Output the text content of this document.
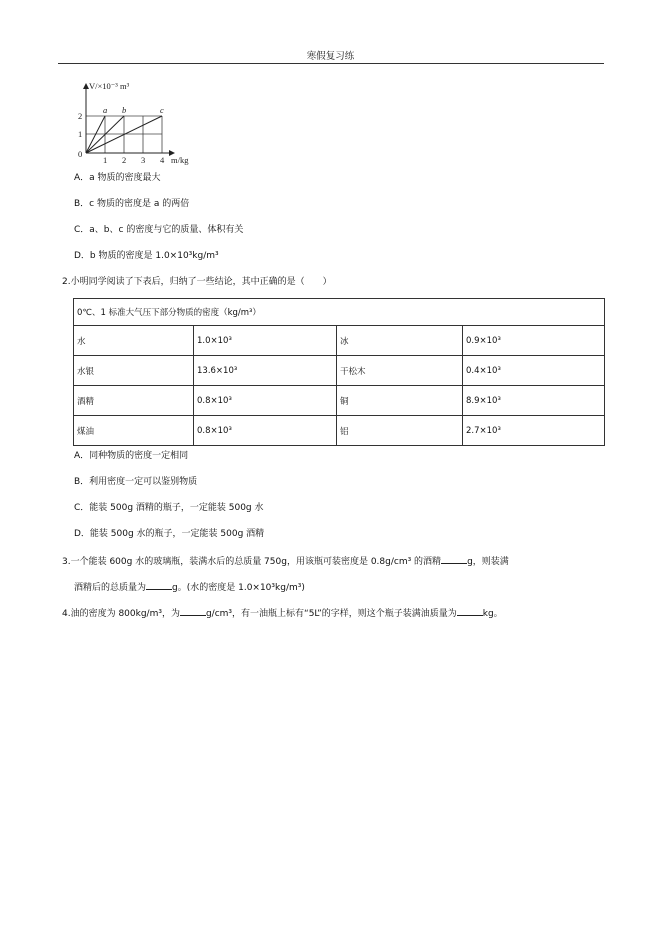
寒假复习练
V/×10⁻³ m³
m/kg
0
1
2
1 2 3 4
a b	c
A．a 物质的密度最大
B．c 物质的密度是 a 的两倍
C．a、b、c 的密度与它的质量、体积有关
D．b 物质的密度是 1.0×10³kg/m³
2.小明同学阅读了下表后，归纳了一些结论，其中正确的是（　　）
0℃、1 标准大气压下部分物质的密度（kg/m³）			
水	1.0×10³	冰	0.9×10³
水银	13.6×10³	干松木	0.4×10³
酒精	0.8×10³	铜	8.9×10³
煤油	0.8×10³	铝	2.7×10³
A．同种物质的密度一定相同
B．利用密度一定可以鉴别物质
C．能装 500g 酒精的瓶子，一定能装 500g 水
D．能装 500g 水的瓶子，一定能装 500g 酒精
3.一个能装 600g 水的玻璃瓶，装满水后的总质量 750g，用该瓶可装密度是 0.8g/cm³ 的酒精	g，则装满
酒精后的总质量为	g。(水的密度是 1.0×10³kg/m³)
4.油的密度为 800kg/m³，为	g/cm³，有一油瓶上标有“5L”的字样，则这个瓶子装满油质量为	kg。
